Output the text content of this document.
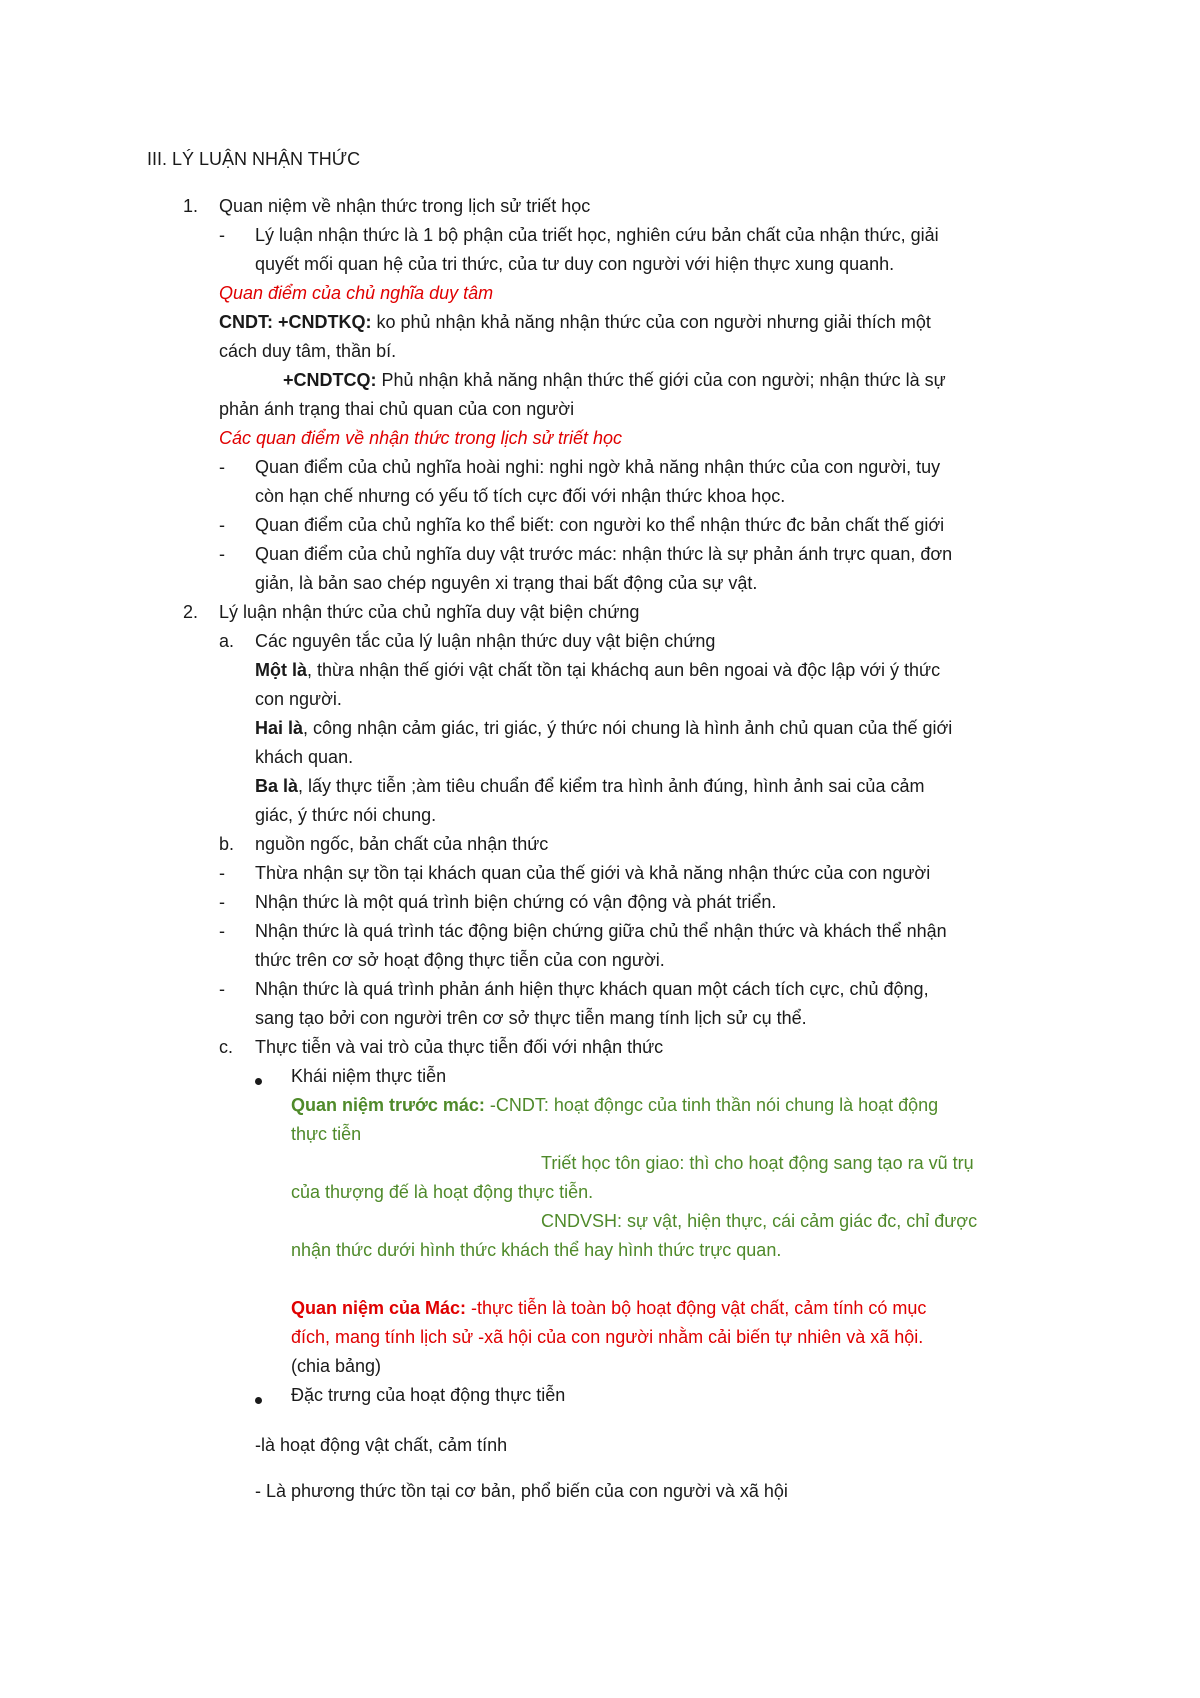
III. LÝ LUẬN NHẬN THỨC
1. Quan niệm về nhận thức trong lịch sử triết học
- Lý luận nhận thức là 1 bộ phận của triết học, nghiên cứu bản chất của nhận thức, giải
quyết mối quan hệ của tri thức, của tư duy con người với hiện thực xung quanh.
Quan điểm của chủ nghĩa duy tâm
CNDT: +CNDTKQ: ko phủ nhận khả năng nhận thức của con người nhưng giải thích một
cách duy tâm, thần bí.
+CNDTCQ: Phủ nhận khả năng nhận thức thế giới của con người; nhận thức là sự
phản ánh trạng thai chủ quan của con người
Các quan điểm về nhận thức trong lịch sử triết học
- Quan điểm của chủ nghĩa hoài nghi: nghi ngờ khả năng nhận thức của con người, tuy
còn hạn chế nhưng có yếu tố tích cực đối với nhận thức khoa học.
- Quan điểm của chủ nghĩa ko thể biết: con người ko thể nhận thức đc bản chất thế giới
- Quan điểm của chủ nghĩa duy vật trước mác: nhận thức là sự phản ánh trực quan, đơn
giản, là bản sao chép nguyên xi trạng thai bất động của sự vật.
2. Lý luận nhận thức của chủ nghĩa duy vật biện chứng
a. Các nguyên tắc của lý luận nhận thức duy vật biện chứng
Một là, thừa nhận thế giới vật chất tồn tại kháchq aun bên ngoai và độc lập với ý thức
con người.
Hai là, công nhận cảm giác, tri giác, ý thức nói chung là hình ảnh chủ quan của thế giới
khách quan.
Ba là, lấy thực tiễn ;àm tiêu chuẩn để kiểm tra hình ảnh đúng, hình ảnh sai của cảm
giác, ý thức nói chung.
b. nguồn ngốc, bản chất của nhận thức
- Thừa nhận sự tồn tại khách quan của thế giới và khả năng nhận thức của con người
- Nhận thức là một quá trình biện chứng có vận động và phát triển.
- Nhận thức là quá trình tác động biện chứng giữa chủ thể nhận thức và khách thể nhận
thức trên cơ sở hoạt động thực tiễn của con người.
- Nhận thức là quá trình phản ánh hiện thực khách quan một cách tích cực, chủ động,
sang tạo bởi con người trên cơ sở thực tiễn mang tính lịch sử cụ thể.
c. Thực tiễn và vai trò của thực tiễn đối với nhận thức
Khái niệm thực tiễn
Quan niệm trước mác: -CNDT: hoạt độngc của tinh thần nói chung là hoạt động
thực tiễn
Triết học tôn giao: thì cho hoạt động sang tạo ra vũ trụ
của thượng đế là hoạt động thực tiễn.
CNDVSH: sự vật, hiện thực, cái cảm giác đc, chỉ được
nhận thức dưới hình thức khách thể hay hình thức trực quan.
Quan niệm của Mác: -thực tiễn là toàn bộ hoạt động vật chất, cảm tính có mục
đích, mang tính lịch sử -xã hội của con người nhằm cải biến tự nhiên và xã hội.
(chia bảng)
Đặc trưng của hoạt động thực tiễn
-là hoạt động vật chất, cảm tính
- Là phương thức tồn tại cơ bản, phổ biến của con người và xã hội
